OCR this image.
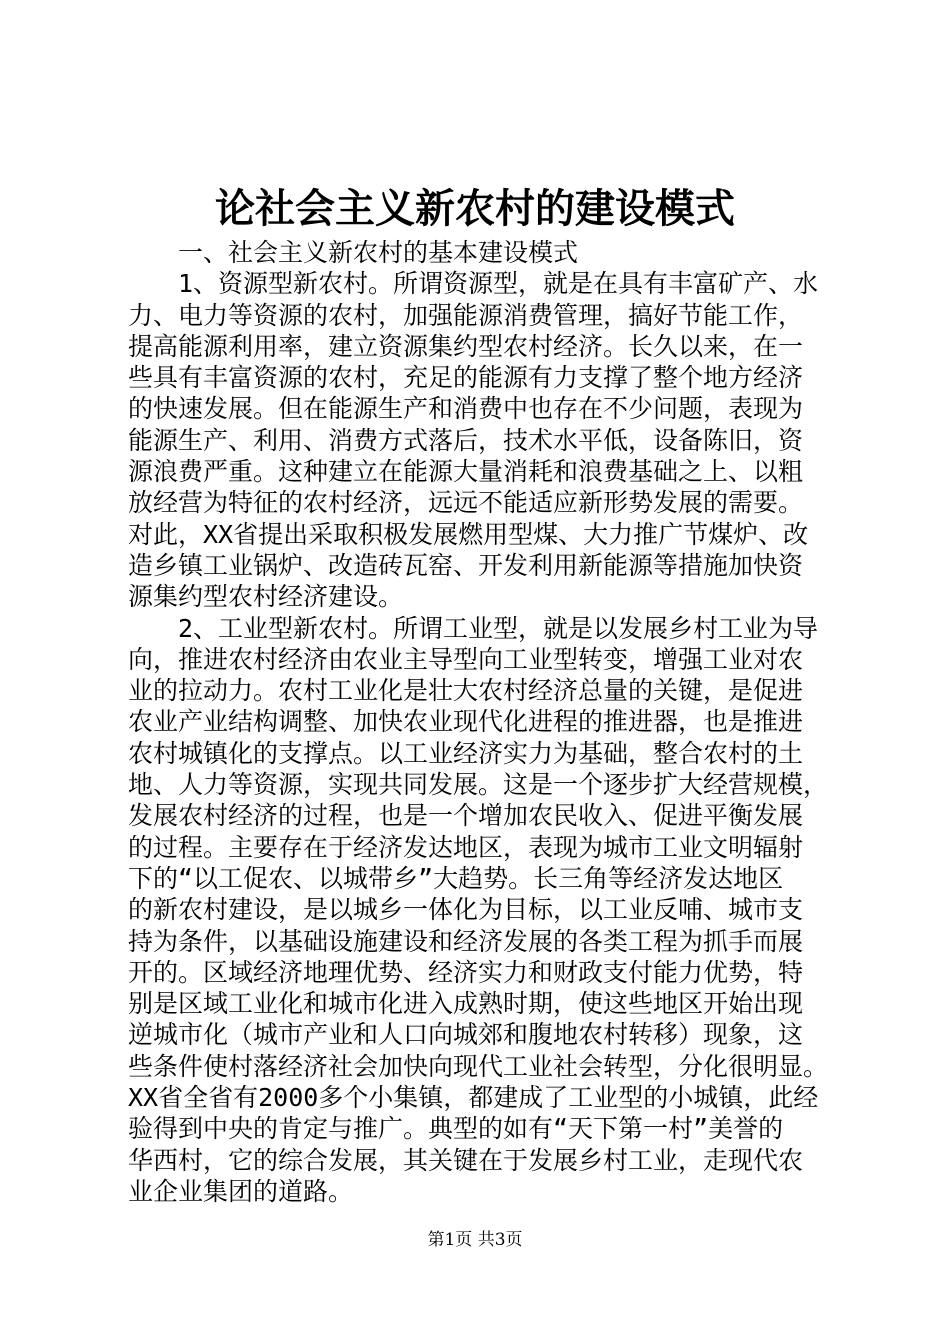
论社会主义新农村的建设模式
一、社会主义新农村的基本建设模式
1、资源型新农村。所谓资源型，就是在具有丰富矿产、水
力、电力等资源的农村，加强能源消费管理，搞好节能工作，
提高能源利用率，建立资源集约型农村经济。长久以来，在一
些具有丰富资源的农村，充足的能源有力支撑了整个地方经济
的快速发展。但在能源生产和消费中也存在不少问题，表现为
能源生产、利用、消费方式落后，技术水平低，设备陈旧，资
源浪费严重。这种建立在能源大量消耗和浪费基础之上、以粗
放经营为特征的农村经济，远远不能适应新形势发展的需要。
对此，XX省提出采取积极发展燃用型煤、大力推广节煤炉、改
造乡镇工业锅炉、改造砖瓦窑、开发利用新能源等措施加快资
源集约型农村经济建设。
2、工业型新农村。所谓工业型，就是以发展乡村工业为导
向，推进农村经济由农业主导型向工业型转变，增强工业对农
业的拉动力。农村工业化是壮大农村经济总量的关键，是促进
农业产业结构调整、加快农业现代化进程的推进器，也是推进
农村城镇化的支撑点。以工业经济实力为基础，整合农村的土
地、人力等资源，实现共同发展。这是一个逐步扩大经营规模，
发展农村经济的过程，也是一个增加农民收入、促进平衡发展
的过程。主要存在于经济发达地区，表现为城市工业文明辐射
下的“以工促农、以城带乡”大趋势。长三角等经济发达地区
的新农村建设，是以城乡一体化为目标，以工业反哺、城市支
持为条件，以基础设施建设和经济发展的各类工程为抓手而展
开的。区域经济地理优势、经济实力和财政支付能力优势，特
别是区域工业化和城市化进入成熟时期，使这些地区开始出现
逆城市化（城市产业和人口向城郊和腹地农村转移）现象，这
些条件使村落经济社会加快向现代工业社会转型，分化很明显。
XX省全省有2000多个小集镇，都建成了工业型的小城镇，此经
验得到中央的肯定与推广。典型的如有“天下第一村”美誉的
华西村，它的综合发展，其关键在于发展乡村工业，走现代农
业企业集团的道路。
第1页 共3页
